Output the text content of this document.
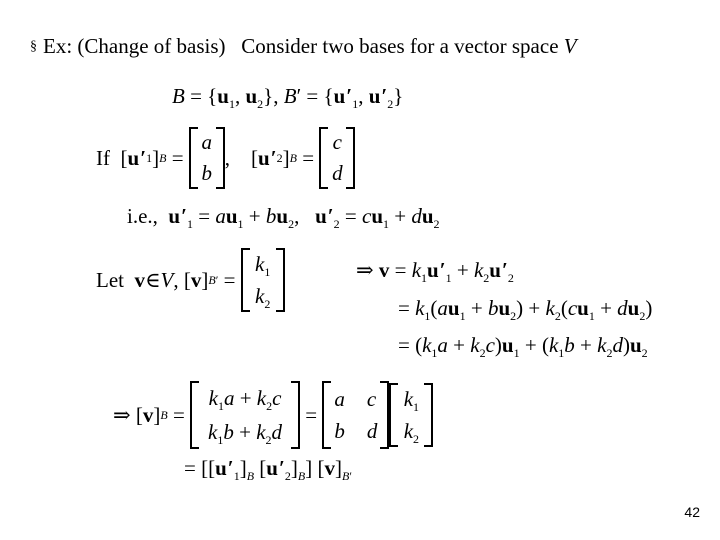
§ Ex: (Change of basis) Consider two bases for a vector space V
$B = \{u_1$, $u_2$}, $B' = \{u'_1$, $u'_2$}
If [ u ′ 1 ] B =
a
b
,    [ u ′ 2 ] B =
c
d
i.e., $u'_1 = au_1 + bu_2$,   $u'_2 = cu_1 + du_2$
Let
v ∈ V , [ v ] B′ =
$k_1$
$k_2$
⇒ $v = k_1u'_1 + k_2u'_2$
= $k_1(au_1 + bu_2) + k_2(cu_1 + du_2)$
= $(k_1a + k_2c)u_1 + (k_1b + k_2d)u_2$
⇒ [ v ] B =
$k_1a + k_2c$
$k_1b + k_2d$
=
a c
b d
$k_1$
$k_2$
= [$[u'_1]_B$ $[u'_2]_B$] $[v]_{B'}$
42
